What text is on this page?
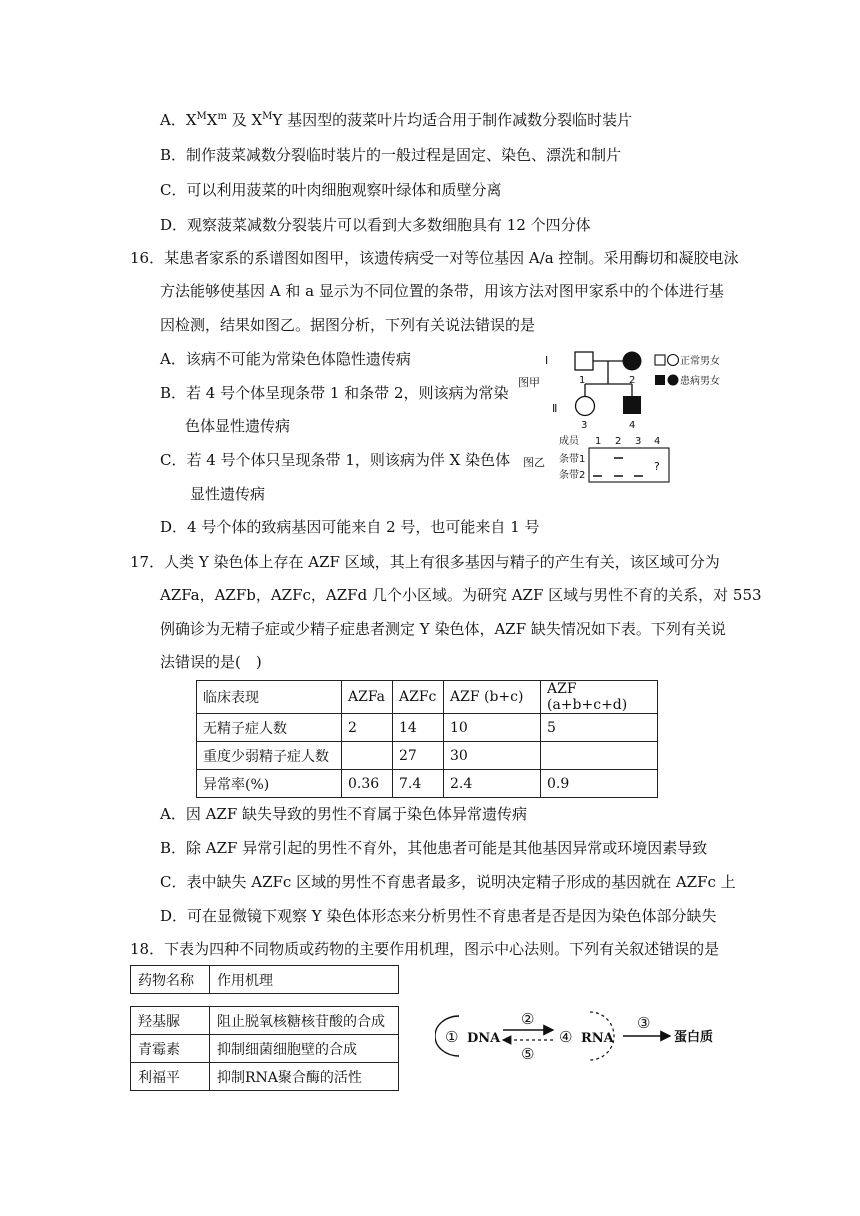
A．$X^MX^m$ 及 $X^MY$ 基因型的菠菜叶片均适合用于制作减数分裂临时装片
B．制作菠菜减数分裂临时装片的一般过程是固定、染色、漂洗和制片
C．可以利用菠菜的叶肉细胞观察叶绿体和质壁分离
D．观察菠菜减数分裂装片可以看到大多数细胞具有 12 个四分体
16．某患者家系的系谱图如图甲，该遗传病受一对等位基因 A/a 控制。采用酶切和凝胶电泳
方法能够使基因 A 和 a 显示为不同位置的条带，用该方法对图甲家系中的个体进行基
因检测，结果如图乙。据图分析，下列有关说法错误的是
A．该病不可能为常染色体隐性遗传病
B．若 4 号个体呈现条带 1 和条带 2，则该病为常染
色体显性遗传病
C．若 4 号个体只呈现条带 1，则该病为伴 X 染色体
显性遗传病
D．4 号个体的致病基因可能来自 2 号，也可能来自 1 号
Ⅰ
图甲
Ⅱ
1	2
3	4
正常男女
患病男女
成员 1 2 3 4
图乙 条带1
条带2
?
17．人类 Y 染色体上存在 AZF 区域，其上有很多基因与精子的产生有关，该区域可分为
AZFa，AZFb，AZFc，AZFd 几个小区域。为研究 AZF 区域与男性不育的关系，对 553
例确诊为无精子症或少精子症患者测定 Y 染色体，AZF 缺失情况如下表。下列有关说
法错误的是(　)
临床表现	AZFa	AZFc	AZF (b+c)	AZF (a+b+c+d)
无精子症人数	2	14	10	5
重度少弱精子症人数		27	30	
异常率(%)	0.36	7.4	2.4	0.9
A．因 AZF 缺失导致的男性不育属于染色体异常遗传病
B．除 AZF 异常引起的男性不育外，其他患者可能是其他基因异常或环境因素导致
C．表中缺失 AZFc 区域的男性不育患者最多，说明决定精子形成的基因就在 AZFc 上
D．可在显微镜下观察 Y 染色体形态来分析男性不育患者是否是因为染色体部分缺失
18．下表为四种不同物质或药物的主要作用机理，图示中心法则。下列有关叙述错误的是
药物名称	作用机理
羟基脲	阻止脱氧核糖核苷酸的合成
青霉素	抑制细菌细胞壁的合成
利福平	抑制RNA聚合酶的活性
① DNA
②
⑤
④ RNA
③
蛋白质
